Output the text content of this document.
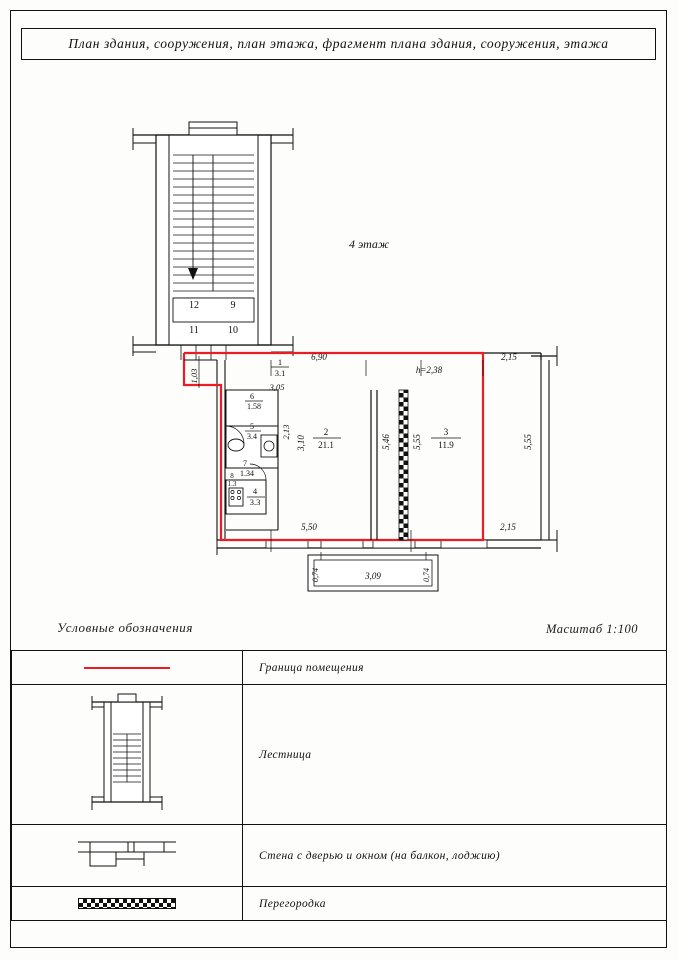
План здания, сооружения, план этажа, фрагмент плана здания, сооружения, этажа
4 этаж
12	9
11	10
h=2,38
1
3.1
2
21.1
3
11.9
4
3.3
5
3.4
6
1.58
7
1.34
8
1.3
1,03
3,05
6,90	2,15
2,13
3,10	5,46 5,55	5,55
5,50	2,15
0,74	3,09	0,74
Условные обозначения	Масштаб 1:100
	Граница помещения
	Лестница
	Стена с дверью и окном (на балкон, лоджию)
	Перегородка
